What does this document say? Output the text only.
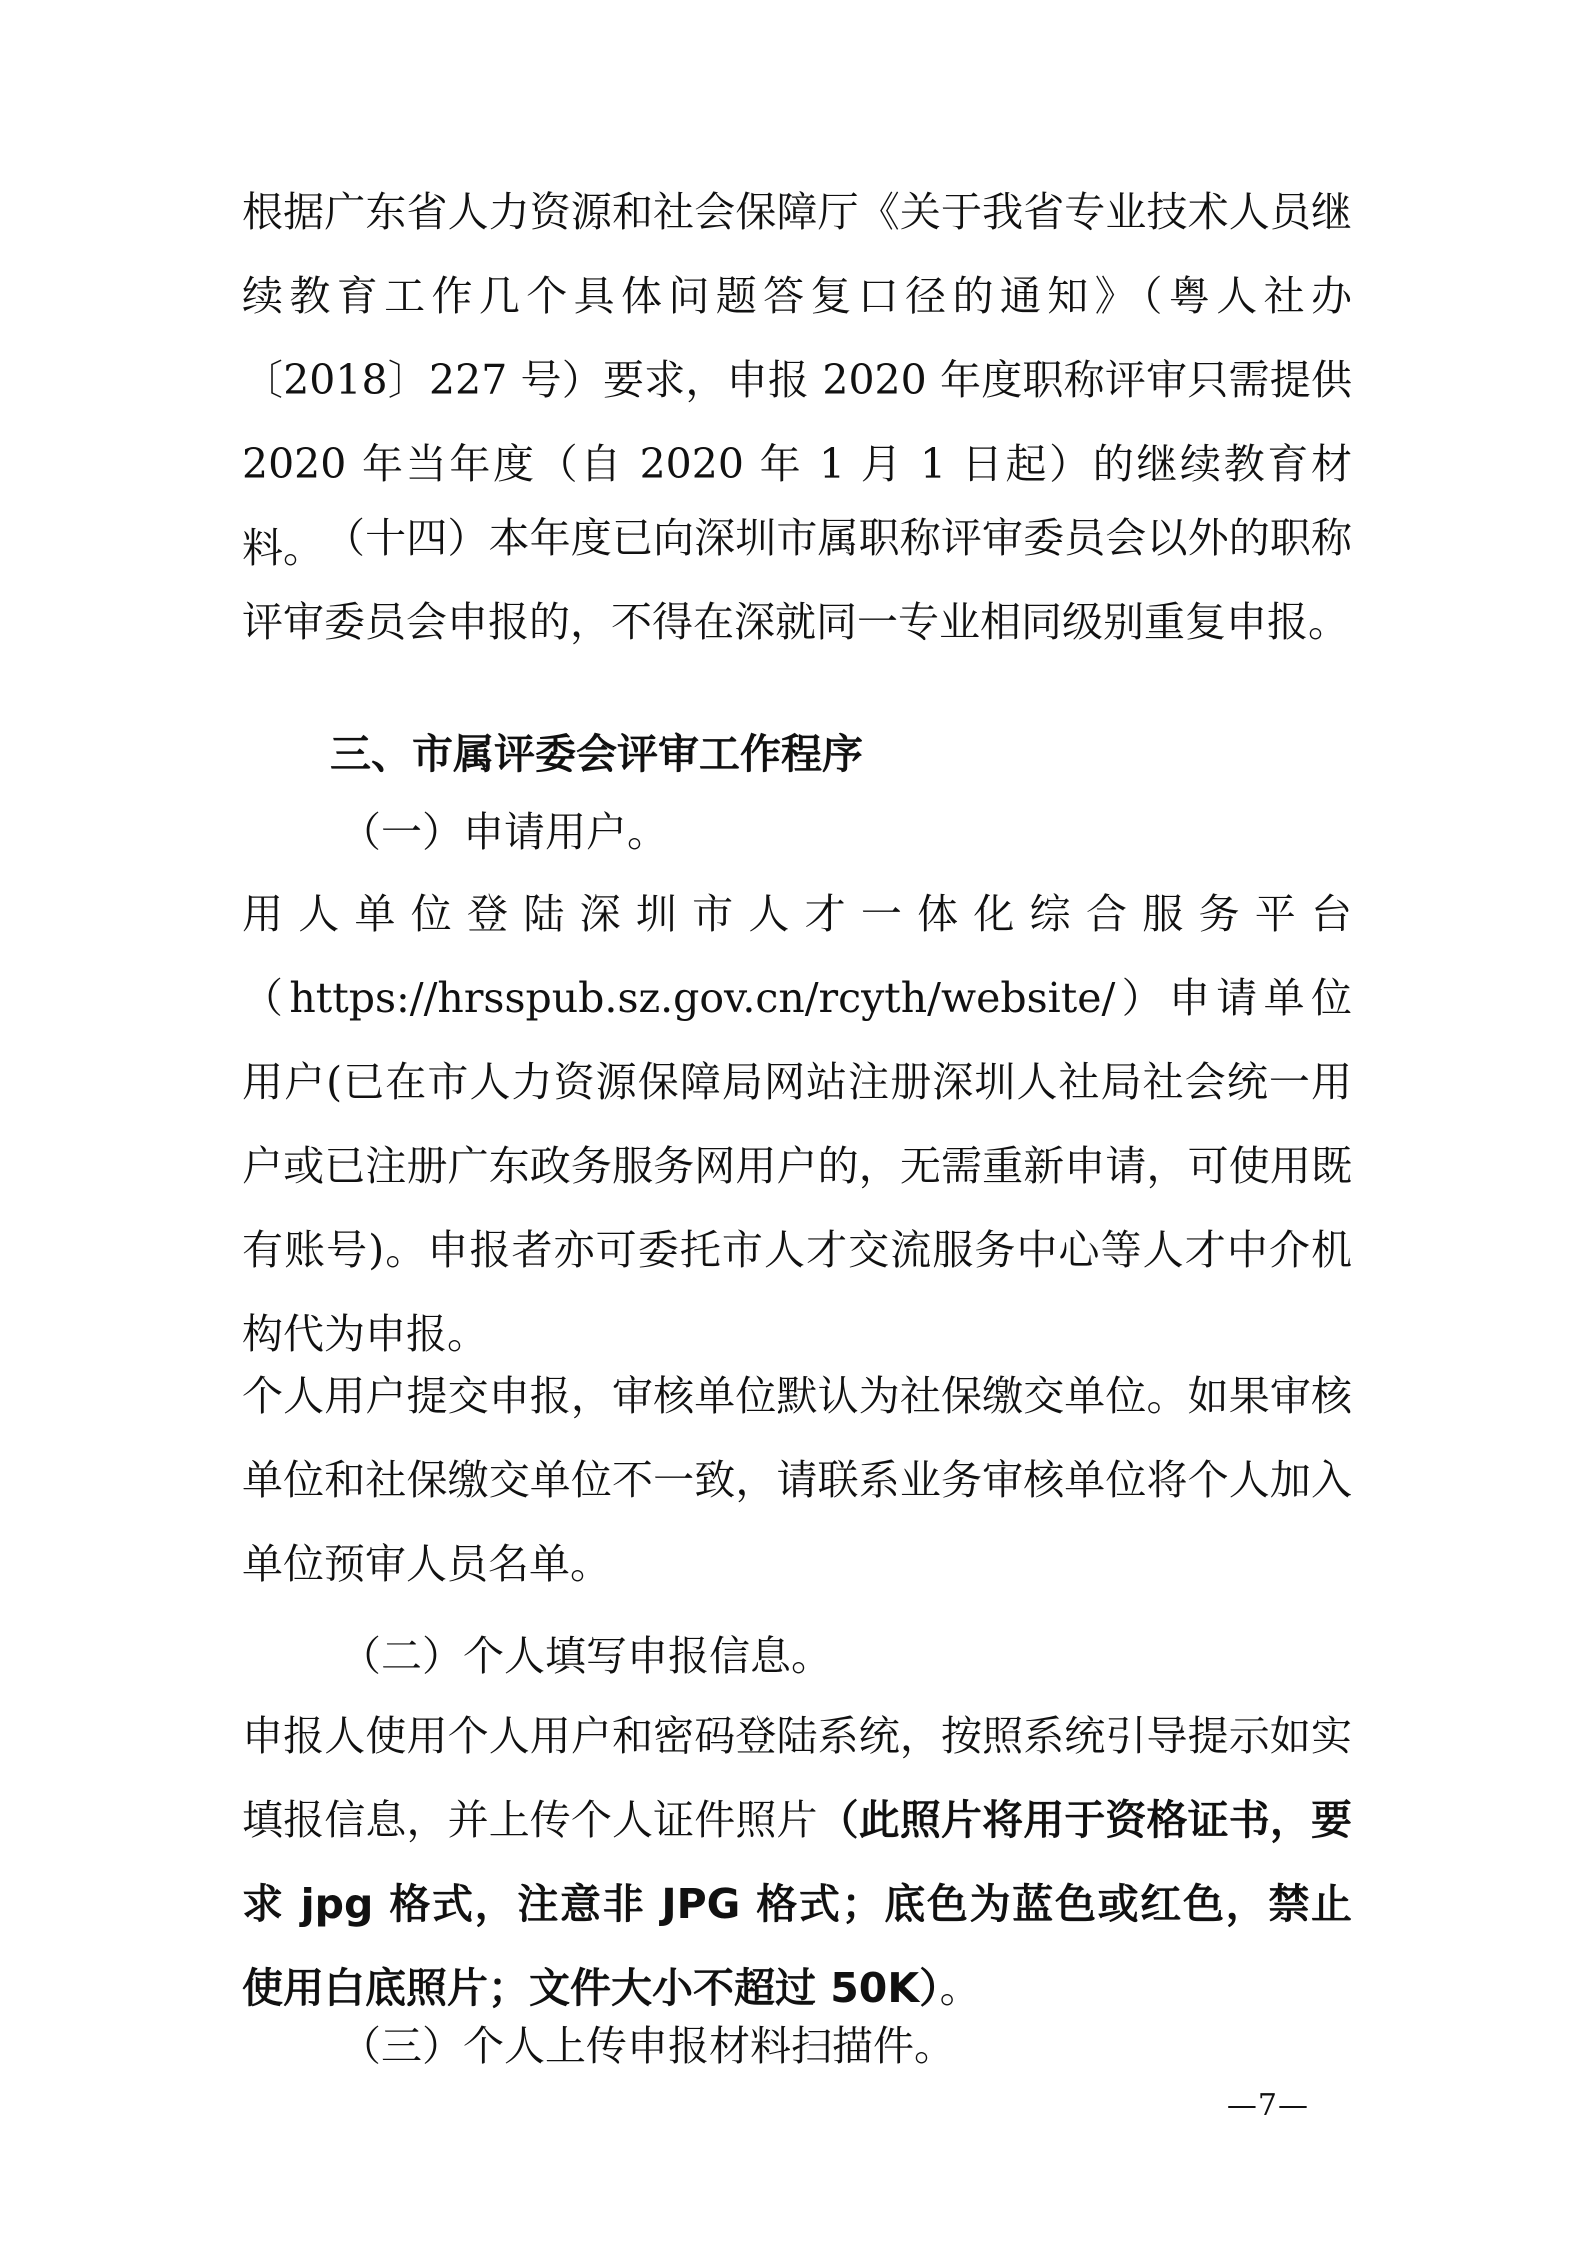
根据广东省人力资源和社会保障厅《关于我省专业技术人员继续教育工作几个具体问题答复口径的通知》（粤人社办〔2018〕227 号）要求，申报 2020 年度职称评审只需提供2020 年当年度（自 2020 年 1 月 1 日起）的继续教育材料。 （十四）本年度已向深圳市属职称评审委员会以外的职称评审委员会申报的，不得在深就同一专业相同级别重复申报。

三、市属评委会评审工作程序

（一）申请用户。

用人单位登陆深圳市人才一体化综合服务平台（https://hrsspub.sz.gov.cn/rcyth/website/）申请单位用户(已在市人力资源保障局网站注册深圳人社局社会统一用户或已注册广东政务服务网用户的，无需重新申请，可使用既有账号)。申报者亦可委托市人才交流服务中心等人才中介机构代为申报。

个人用户提交申报，审核单位默认为社保缴交单位。如果审核单位和社保缴交单位不一致，请联系业务审核单位将个人加入单位预审人员名单。

（二）个人填写申报信息。

申报人使用个人用户和密码登陆系统，按照系统引导提示如实填报信息，并上传个人证件照片（此照片将用于资格证书，要求 jpg 格式，注意非 JPG 格式；底色为蓝色或红色，禁止使用白底照片；文件大小不超过 50K）。

（三）个人上传申报材料扫描件。

—7—
